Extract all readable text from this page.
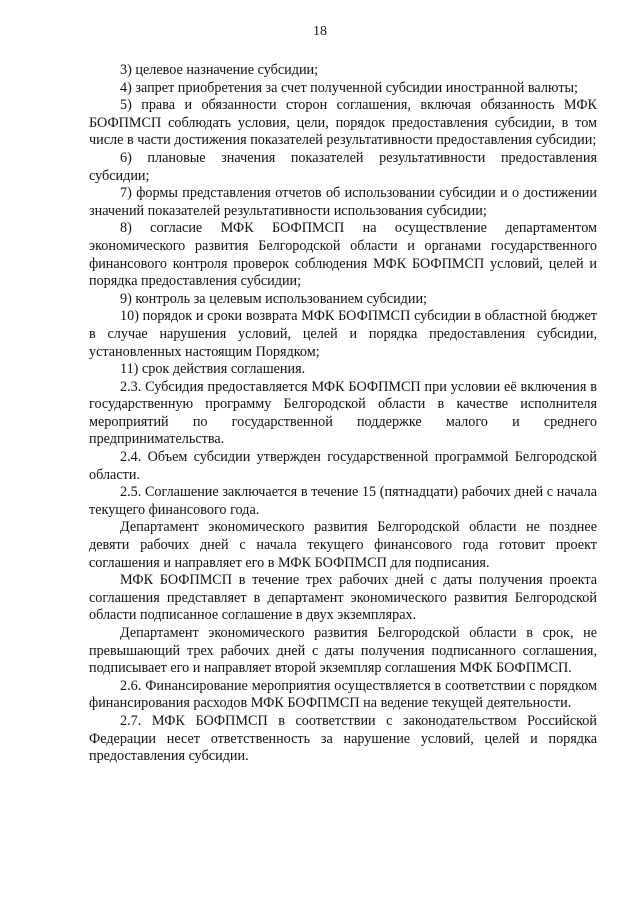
18

3) целевое назначение субсидии;

4) запрет приобретения за счет полученной субсидии иностранной валюты;

5) права и обязанности сторон соглашения, включая обязанность МФК БОФПМСП соблюдать условия, цели, порядок предоставления субсидии, в том числе в части достижения показателей результативности предоставления субсидии;

6) плановые значения показателей результативности предоставления субсидии;

7) формы представления отчетов об использовании субсидии и о достижении значений показателей результативности использования субсидии;

8) согласие МФК БОФПМСП на осуществление департаментом экономического развития Белгородской области и органами государственного финансового контроля проверок соблюдения МФК БОФПМСП условий, целей и порядка предоставления субсидии;

9) контроль за целевым использованием субсидии;

10) порядок и сроки возврата МФК БОФПМСП субсидии в областной бюджет в случае нарушения условий, целей и порядка предоставления субсидии, установленных настоящим Порядком;

11) срок действия соглашения.

2.3. Субсидия предоставляется МФК БОФПМСП при условии её включения в государственную программу Белгородской области в качестве исполнителя мероприятий по государственной поддержке малого и среднего предпринимательства.

2.4. Объем субсидии утвержден государственной программой Белгородской области.

2.5. Соглашение заключается в течение 15 (пятнадцати) рабочих дней с начала текущего финансового года.

Департамент экономического развития Белгородской области не позднее девяти рабочих дней с начала текущего финансового года готовит проект соглашения и направляет его в МФК БОФПМСП для подписания.

МФК БОФПМСП в течение трех рабочих дней с даты получения проекта соглашения представляет в департамент экономического развития Белгородской области подписанное соглашение в двух экземплярах.

Департамент экономического развития Белгородской области в срок, не превышающий трех рабочих дней с даты получения подписанного соглашения, подписывает его и направляет второй экземпляр соглашения МФК БОФПМСП.

2.6. Финансирование мероприятия осуществляется в соответствии с порядком финансирования расходов МФК БОФПМСП на ведение текущей деятельности.

2.7. МФК БОФПМСП в соответствии с законодательством Российской Федерации несет ответственность за нарушение условий, целей и порядка предоставления субсидии.
